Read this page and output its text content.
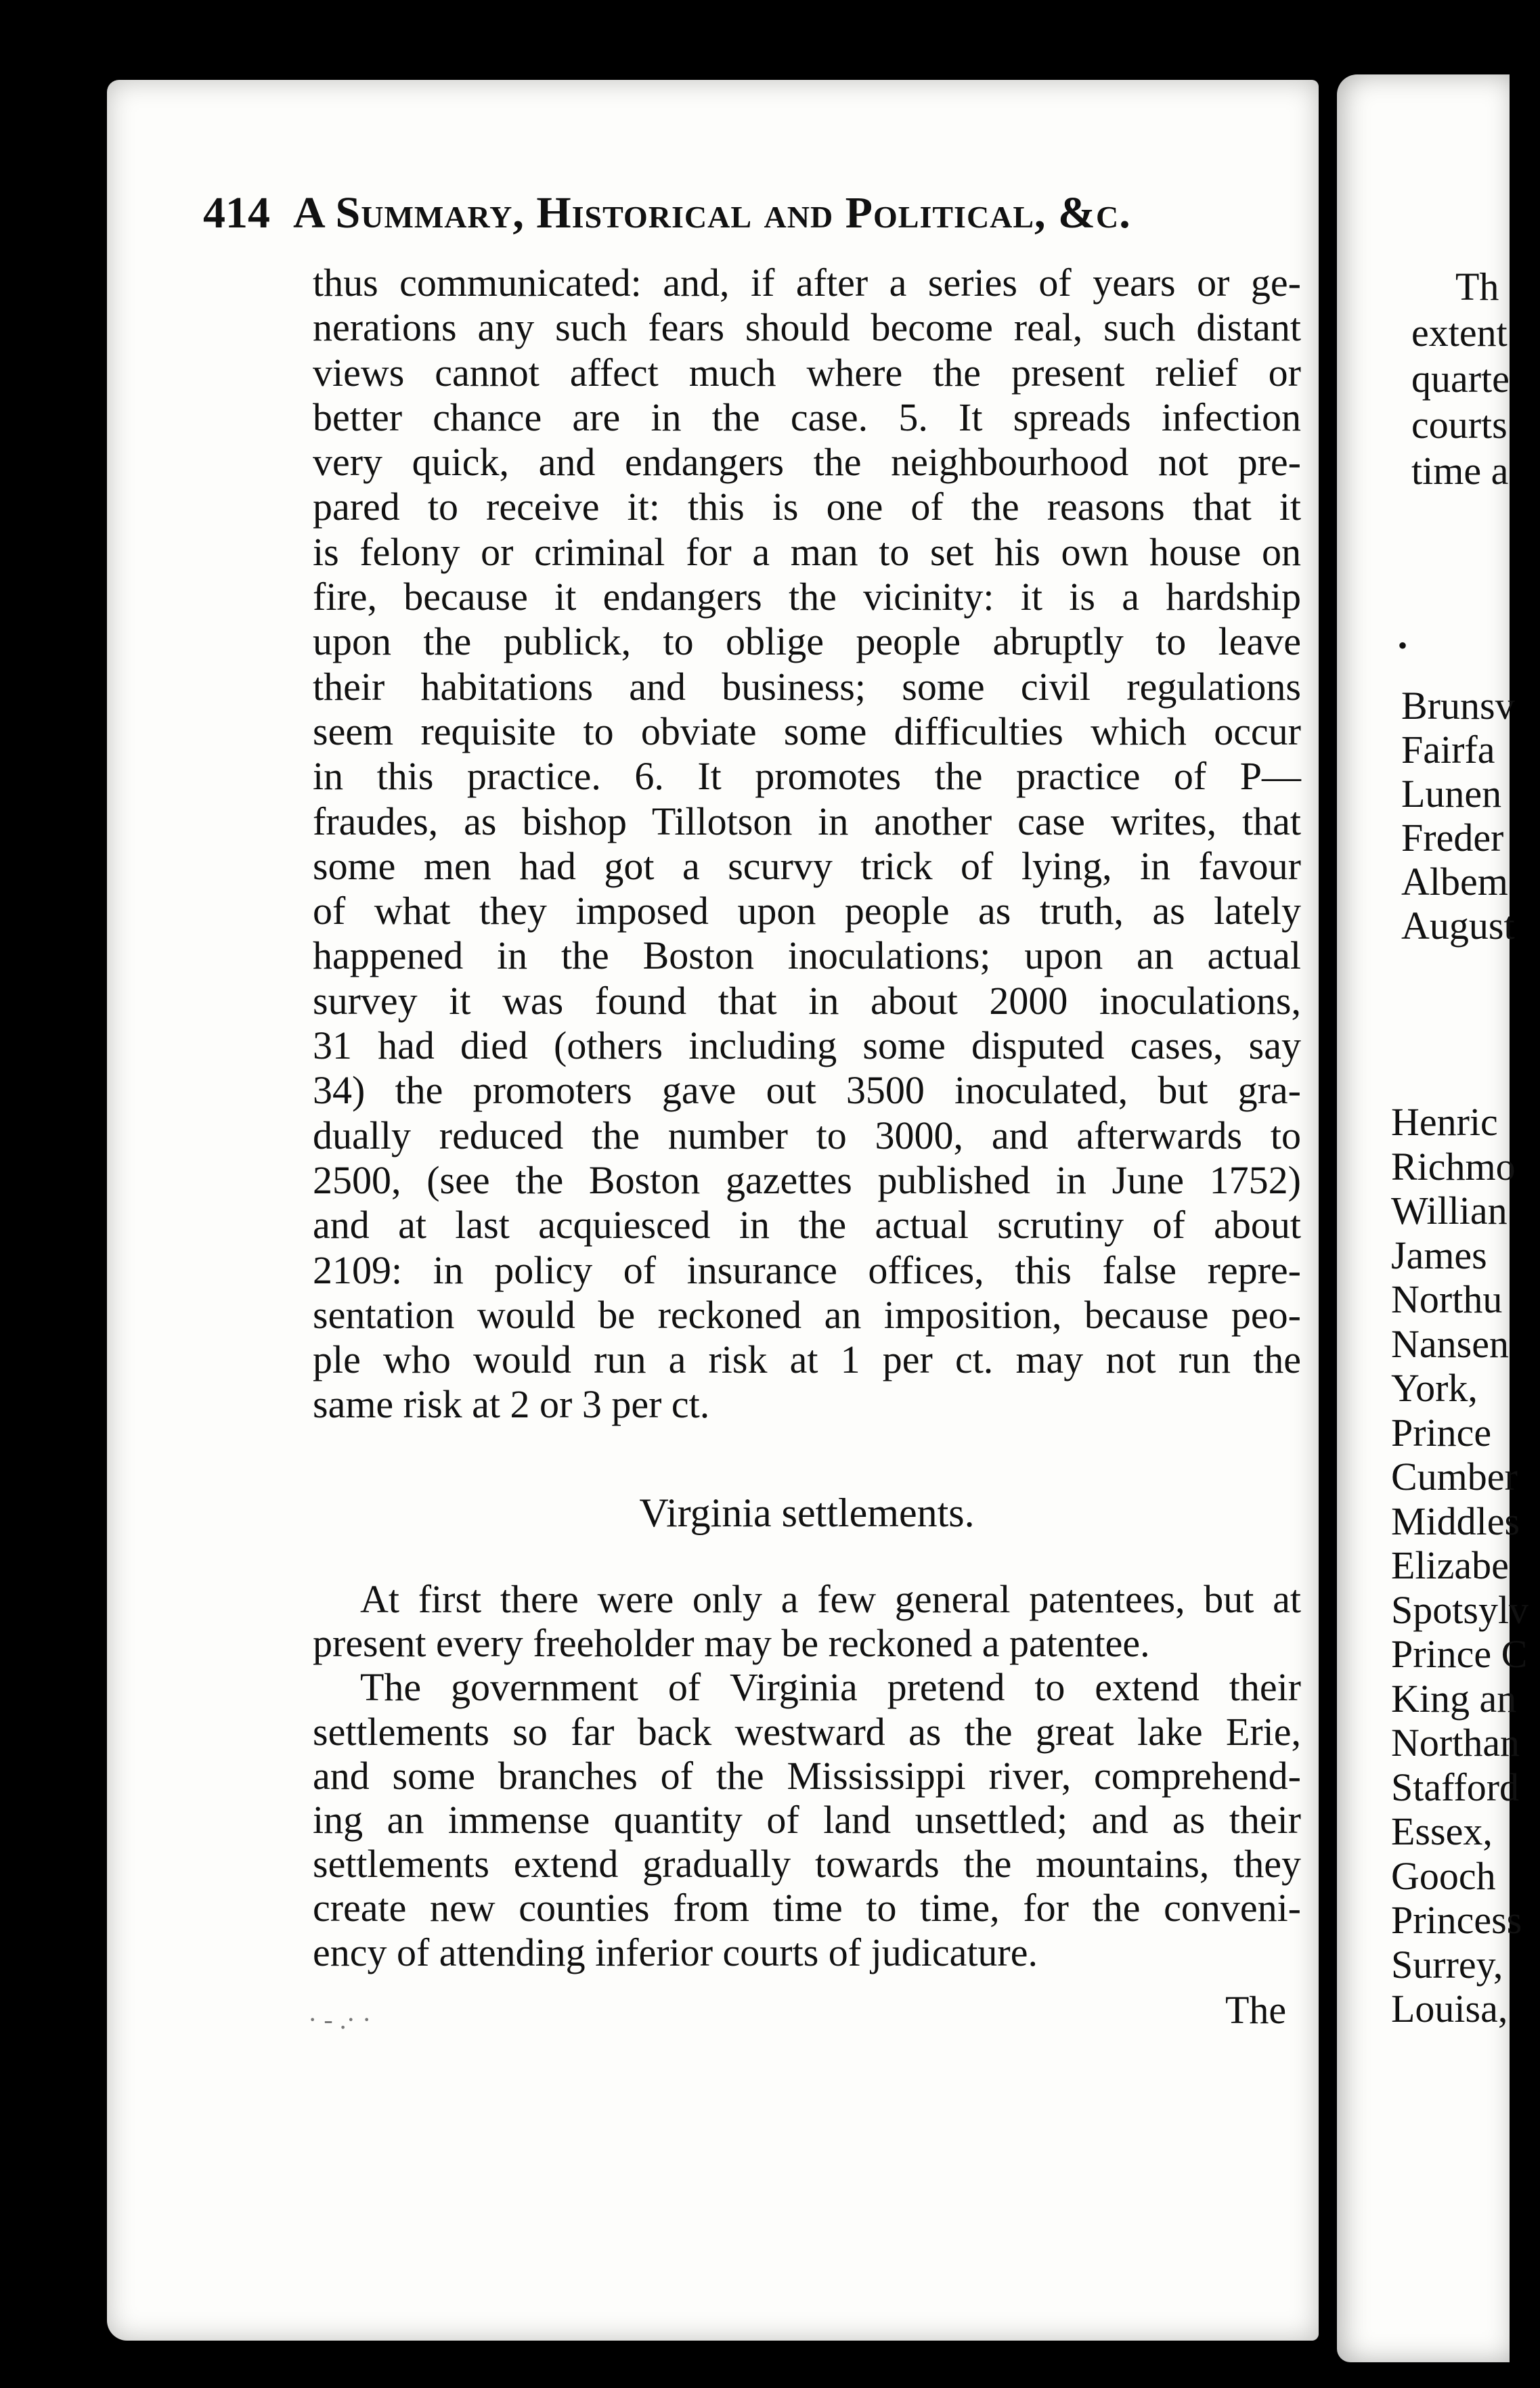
Th
extent
quarte
courts
time a
•
Brunsv
Fairfa
Lunen
Freder
Albem
August
Henric
Richmo
Willian
James
Northu
Nansen
York,
Prince
Cumber
Middles
Elizabe
Spotsylv
Prince C
King an
Northan
Stafford
Essex,
Gooch
Princess
Surrey,
Louisa,
414 A Summary, Historical and Political, &c.
thus communicated: and, if after a series of years or ge-
nerations any such fears should become real, such distant
views cannot affect much where the present relief or
better chance are in the case. 5. It spreads infection
very quick, and endangers the neighbourhood not pre-
pared to receive it: this is one of the reasons that it
is felony or criminal for a man to set his own house on
fire, because it endangers the vicinity: it is a hardship
upon the publick, to oblige people abruptly to leave
their habitations and business; some civil regulations
seem requisite to obviate some difficulties which occur
in this practice. 6. It promotes the practice of P—
fraudes, as bishop Tillotson in another case writes, that
some men had got a scurvy trick of lying, in favour
of what they imposed upon people as truth, as lately
happened in the Boston inoculations; upon an actual
survey it was found that in about 2000 inoculations,
31 had died (others including some disputed cases, say
34) the promoters gave out 3500 inoculated, but gra-
dually reduced the number to 3000, and afterwards to
2500, (see the Boston gazettes published in June 1752)
and at last acquiesced in the actual scrutiny of about
2109: in policy of insurance offices, this false repre-
sentation would be reckoned an imposition, because peo-
ple who would run a risk at 1 per ct. may not run the
same risk at 2 or 3 per ct.
Virginia settlements.
At first there were only a few general patentees, but at
present every freeholder may be reckoned a patentee.
The government of Virginia pretend to extend their
settlements so far back westward as the great lake Erie,
and some branches of the Mississippi river, comprehend-
ing an immense quantity of land unsettled; and as their
settlements extend gradually towards the mountains, they
create new counties from time to time, for the conveni-
ency of attending inferior courts of judicature.
The
· - .· ·
